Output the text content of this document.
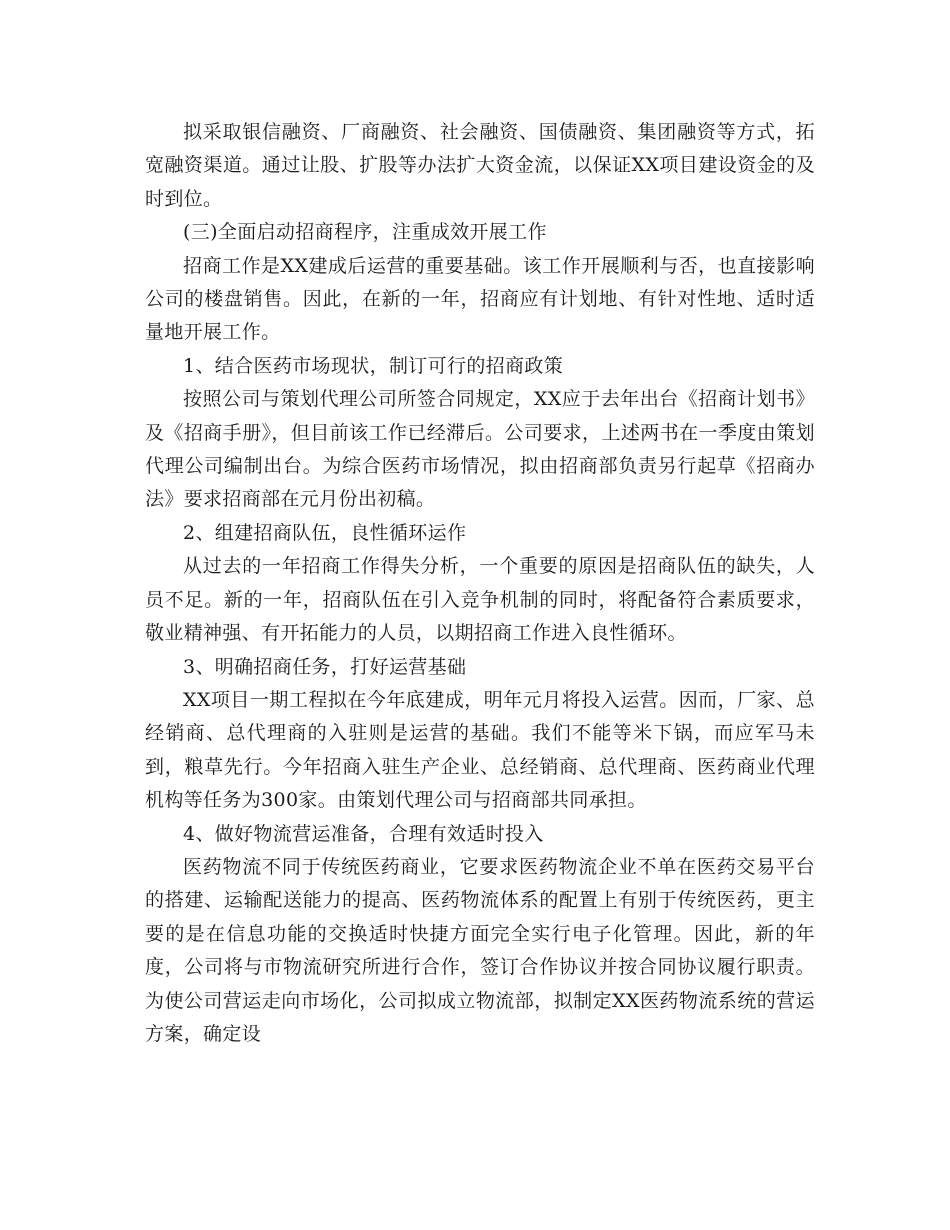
拟采取银信融资、厂商融资、社会融资、国债融资、集团融资等方式，拓宽融资渠道。通过让股、扩股等办法扩大资金流，以保证XX项目建设资金的及时到位。

(三)全面启动招商程序，注重成效开展工作

招商工作是XX建成后运营的重要基础。该工作开展顺利与否，也直接影响公司的楼盘销售。因此，在新的一年，招商应有计划地、有针对性地、适时适量地开展工作。

1、结合医药市场现状，制订可行的招商政策

按照公司与策划代理公司所签合同规定，XX应于去年出台《招商计划书》及《招商手册》，但目前该工作已经滞后。公司要求，上述两书在一季度由策划代理公司编制出台。为综合医药市场情况，拟由招商部负责另行起草《招商办法》要求招商部在元月份出初稿。

2、组建招商队伍，良性循环运作

从过去的一年招商工作得失分析，一个重要的原因是招商队伍的缺失，人员不足。新的一年，招商队伍在引入竞争机制的同时，将配备符合素质要求，敬业精神强、有开拓能力的人员，以期招商工作进入良性循环。

3、明确招商任务，打好运营基础

XX项目一期工程拟在今年底建成，明年元月将投入运营。因而，厂家、总经销商、总代理商的入驻则是运营的基础。我们不能等米下锅，而应军马未到，粮草先行。今年招商入驻生产企业、总经销商、总代理商、医药商业代理机构等任务为300家。由策划代理公司与招商部共同承担。

4、做好物流营运准备，合理有效适时投入

医药物流不同于传统医药商业，它要求医药物流企业不单在医药交易平台的搭建、运输配送能力的提高、医药物流体系的配置上有别于传统医药，更主要的是在信息功能的交换适时快捷方面完全实行电子化管理。因此，新的年度，公司将与市物流研究所进行合作，签订合作协议并按合同协议履行职责。为使公司营运走向市场化，公司拟成立物流部，拟制定XX医药物流系统的营运方案，确定设
